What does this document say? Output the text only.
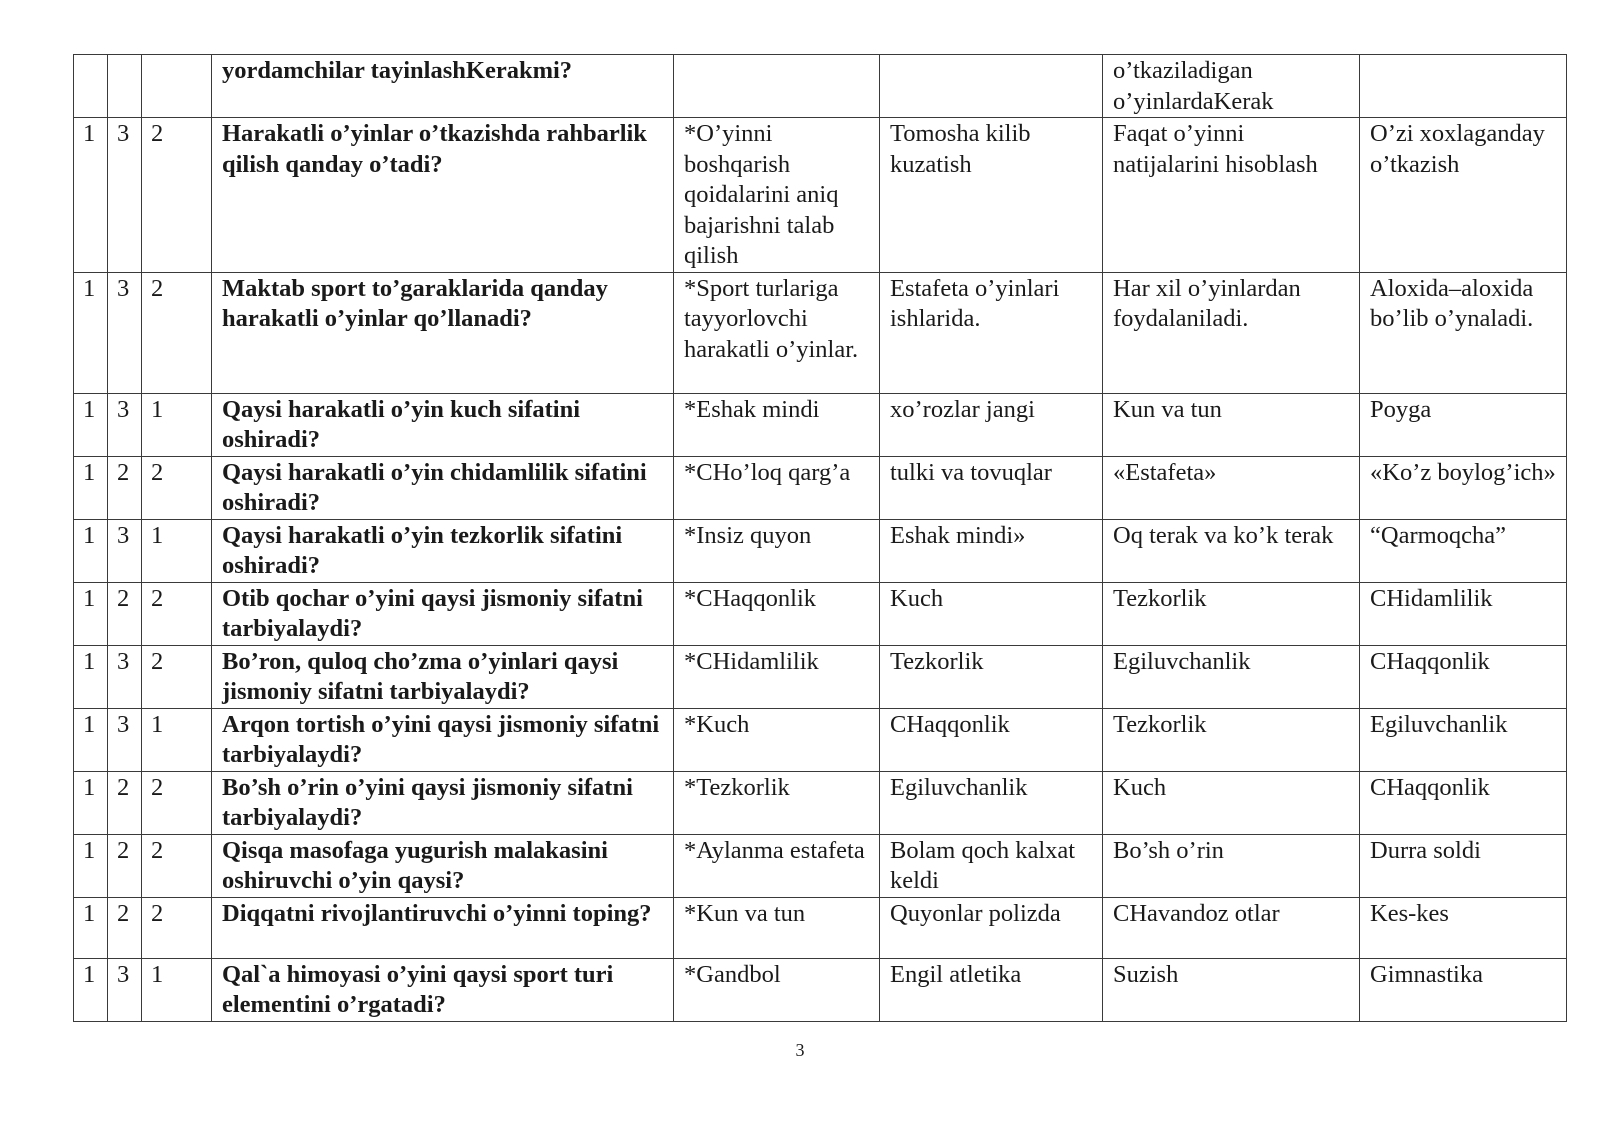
			yordamchilar tayinlashKerakmi?			o’tkaziladigan o’yinlardaKerak	
1	3	2	Harakatli o’yinlar o’tkazishda rahbarlik qilish qanday o’tadi?	*O’yinni boshqarish qoidalarini aniq bajarishni talab qilish	Tomosha kilib kuzatish	Faqat o’yinni natijalarini hisoblash	O’zi xoxlaganday o’tkazish
1	3	2	Maktab sport to’garaklarida qanday harakatli o’yinlar qo’llanadi?	*Sport turlariga tayyorlovchi harakatli o’yinlar.	Estafeta o’yinlari ishlarida.	Har xil o’yinlardan foydalaniladi.	Aloxida–aloxida bo’lib o’ynaladi.
1	3	1	Qaysi harakatli o’yin kuch sifatini oshiradi?	*Eshak mindi	xo’rozlar jangi	Kun va tun	Poyga
1	2	2	Qaysi harakatli o’yin chidamlilik sifatini oshiradi?	*CHo’loq qarg’a	tulki va tovuqlar	«Estafeta»	«Ko’z boylog’ich»
1	3	1	Qaysi harakatli o’yin tezkorlik sifatini oshiradi?	*Insiz quyon	Eshak mindi»	Oq terak va ko’k terak	“Qarmoqcha”
1	2	2	Otib qochar o’yini qaysi jismoniy sifatni tarbiyalaydi?	*CHaqqonlik	Kuch	Tezkorlik	CHidamlilik
1	3	2	Bo’ron, quloq cho’zma o’yinlari qaysi jismoniy sifatni tarbiyalaydi?	*CHidamlilik	Tezkorlik	Egiluvchanlik	CHaqqonlik
1	3	1	Arqon tortish o’yini qaysi jismoniy sifatni tarbiyalaydi?	*Kuch	CHaqqonlik	Tezkorlik	Egiluvchanlik
1	2	2	Bo’sh o’rin o’yini qaysi jismoniy sifatni tarbiyalaydi?	*Tezkorlik	Egiluvchanlik	Kuch	CHaqqonlik
1	2	2	Qisqa masofaga yugurish malakasini oshiruvchi o’yin qaysi?	*Aylanma estafeta	Bolam qoch kalxat keldi	Bo’sh o’rin	Durra soldi
1	2	2	Diqqatni rivojlantiruvchi o’yinni toping?	*Kun va tun	Quyonlar polizda	CHavandoz otlar	Kes-kes
1	3	1	Qal`a himoyasi o’yini qaysi sport turi elementini o’rgatadi?	*Gandbol	Engil atletika	Suzish	Gimnastika
3
